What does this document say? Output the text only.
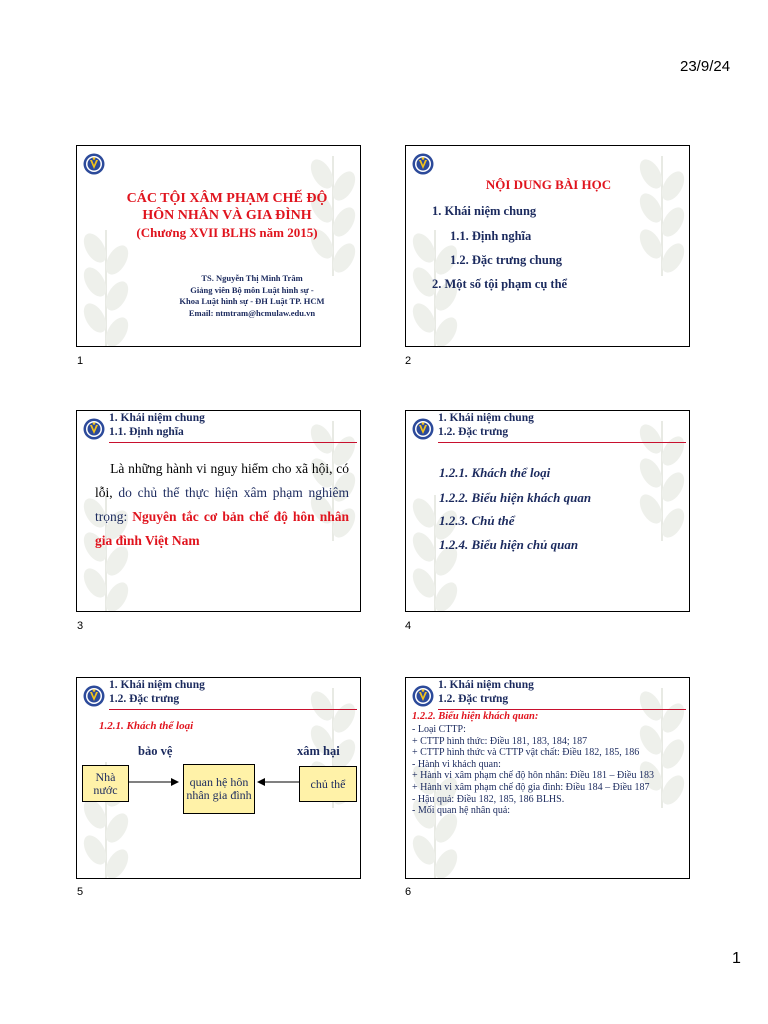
23/9/24
1
CÁC TỘI XÂM PHẠM CHẾ ĐỘ
HÔN NHÂN VÀ GIA ĐÌNH
(Chương XVII BLHS năm 2015)
TS. Nguyễn Thị Minh Trâm
Giảng viên Bộ môn Luật hình sự -
Khoa Luật hình sự - ĐH Luật TP. HCM
Email: ntmtram@hcmulaw.edu.vn
1
NỘI DUNG BÀI HỌC
1. Khái niệm chung
1.1. Định nghĩa
1.2. Đặc trưng chung
2. Một số tội phạm cụ thể
2
1. Khái niệm chung
1.1. Định nghĩa
Là những hành vi nguy hiểm cho xã hội, có lỗi, do chủ thể thực hiện xâm phạm nghiêm trọng: Nguyên tắc cơ bản chế độ hôn nhân gia đình Việt Nam
3
1. Khái niệm chung
1.2. Đặc trưng
1.2.1. Khách thể loại
1.2.2. Biểu hiện khách quan
1.2.3. Chủ thể
1.2.4. Biểu hiện chủ quan
4
1. Khái niệm chung
1.2. Đặc trưng
1.2.1. Khách thể loại
bảo vệ	xâm hại
Nhà nước
quan hệ hôn nhân gia đình
chủ thể
5
1. Khái niệm chung
1.2. Đặc trưng
1.2.2. Biểu hiện khách quan:
- Loại CTTP:
+ CTTP hình thức: Điều 181, 183, 184; 187
+ CTTP hình thức và CTTP vật chất: Điều 182, 185, 186
- Hành vi khách quan:
+ Hành vi xâm phạm chế độ hôn nhân: Điều 181 – Điều 183
+ Hành vi xâm phạm chế độ gia đình: Điều 184 – Điều 187
- Hậu quả: Điều 182, 185, 186 BLHS.
- Mối quan hệ nhân quả:
6
